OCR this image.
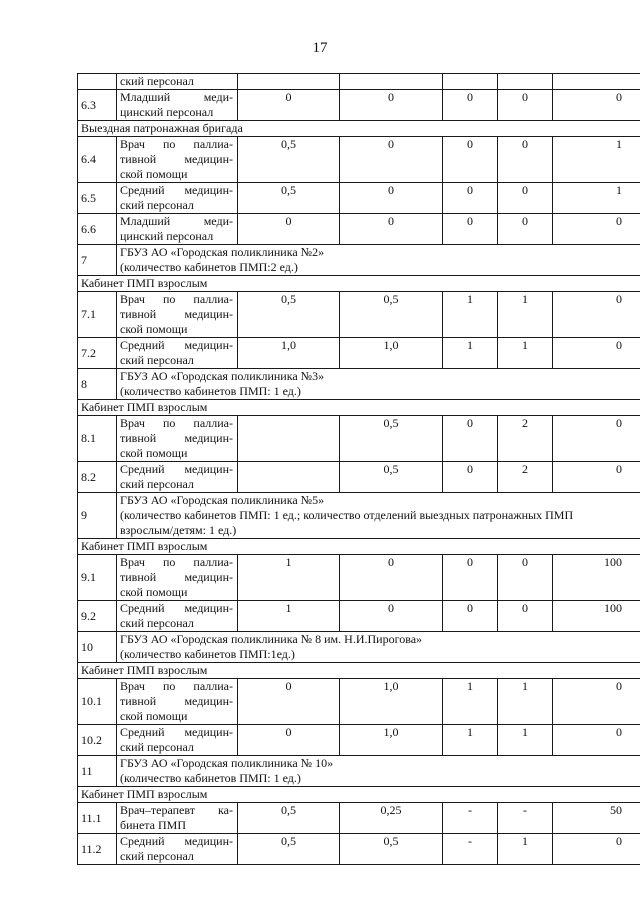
17

	ский персонал					

6.3	Младший меди-
цинский персонал	0	0	0	0	0
Выездная патронажная бригада						
6.4	Врач по паллиа-
тивной медицин-
ской помощи	0,5	0	0	0	1
6.5	Средний медицин-
ский персонал	0,5	0	0	0	1
6.6	Младший меди-
цинский персонал	0	0	0	0	0
7	ГБУЗ АО «Городская поликлиника №2»
(количество кабинетов ПМП:2 ед.)					

Кабинет ПМП взрослым						
7.1	Врач по паллиа-
тивной медицин-
ской помощи	0,5	0,5	1	1	0
7.2	Средний медицин-
ский персонал	1,0	1,0	1	1	0
8	ГБУЗ АО «Городская поликлиника №3»
(количество кабинетов ПМП: 1 ед.)					

Кабинет ПМП взрослым						
8.1	Врач по паллиа-
тивной медицин-
ской помощи		0,5	0	2	0
8.2	Средний медицин-
ский персонал		0,5	0	2	0
9	ГБУЗ АО «Городская поликлиника №5»
(количество кабинетов ПМП: 1 ед.; количество отделений выездных патронажных ПМП
взрослым/детям: 1 ед.)					

Кабинет ПМП взрослым						
9.1	Врач по паллиа-
тивной медицин-
ской помощи	1	0	0	0	100
9.2	Средний медицин-
ский персонал	1	0	0	0	100
10	ГБУЗ АО «Городская поликлиника № 8 им. Н.И.Пирогова»
(количество кабинетов ПМП:1ед.)					

Кабинет ПМП взрослым						
10.1	Врач по паллиа-
тивной медицин-
ской помощи	0	1,0	1	1	0
10.2	Средний медицин-
ский персонал	0	1,0	1	1	0
11	ГБУЗ АО «Городская поликлиника № 10»
(количество кабинетов ПМП: 1 ед.)					

Кабинет ПМП взрослым						
11.1	Врач–терапевт ка-
бинета ПМП	0,5	0,25	-	-	50
11.2	Средний медицин-
ский персонал	0,5	0,5	-	1	0
